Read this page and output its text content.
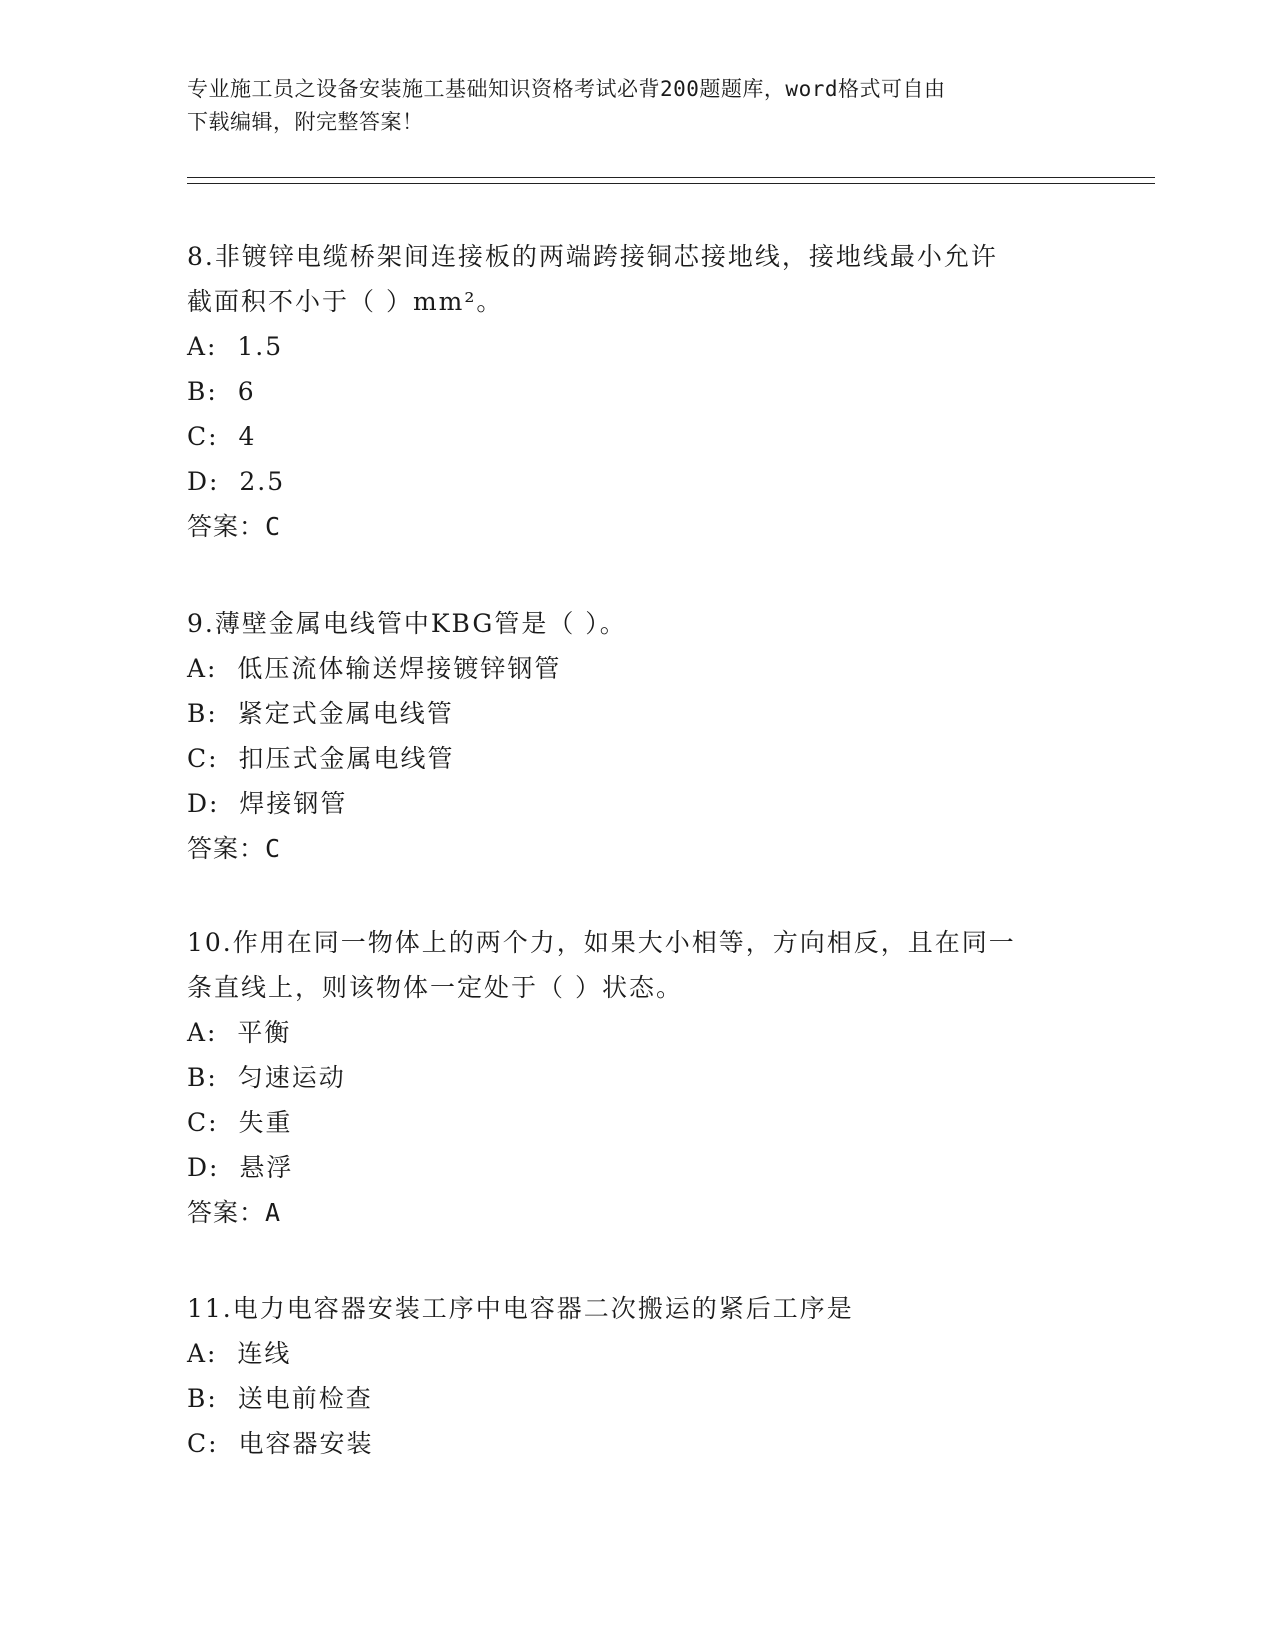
专业施工员之设备安装施工基础知识资格考试必背200题题库，word格式可自由
下载编辑，附完整答案！

8.非镀锌电缆桥架间连接板的两端跨接铜芯接地线，接地线最小允许

截面积不小于（ ）mm²。

A:  1.5

B:  6

C:  4

D:  2.5

答案：C

9.薄壁金属电线管中KBG管是（ ）。

A:  低压流体输送焊接镀锌钢管

B:  紧定式金属电线管

C:  扣压式金属电线管

D:  焊接钢管

答案：C

10.作用在同一物体上的两个力，如果大小相等，方向相反，且在同一

条直线上，则该物体一定处于（ ）状态。

A:  平衡

B:  匀速运动

C:  失重

D:  悬浮

答案：A

11.电力电容器安装工序中电容器二次搬运的紧后工序是

A:  连线

B:  送电前检查

C:  电容器安装
